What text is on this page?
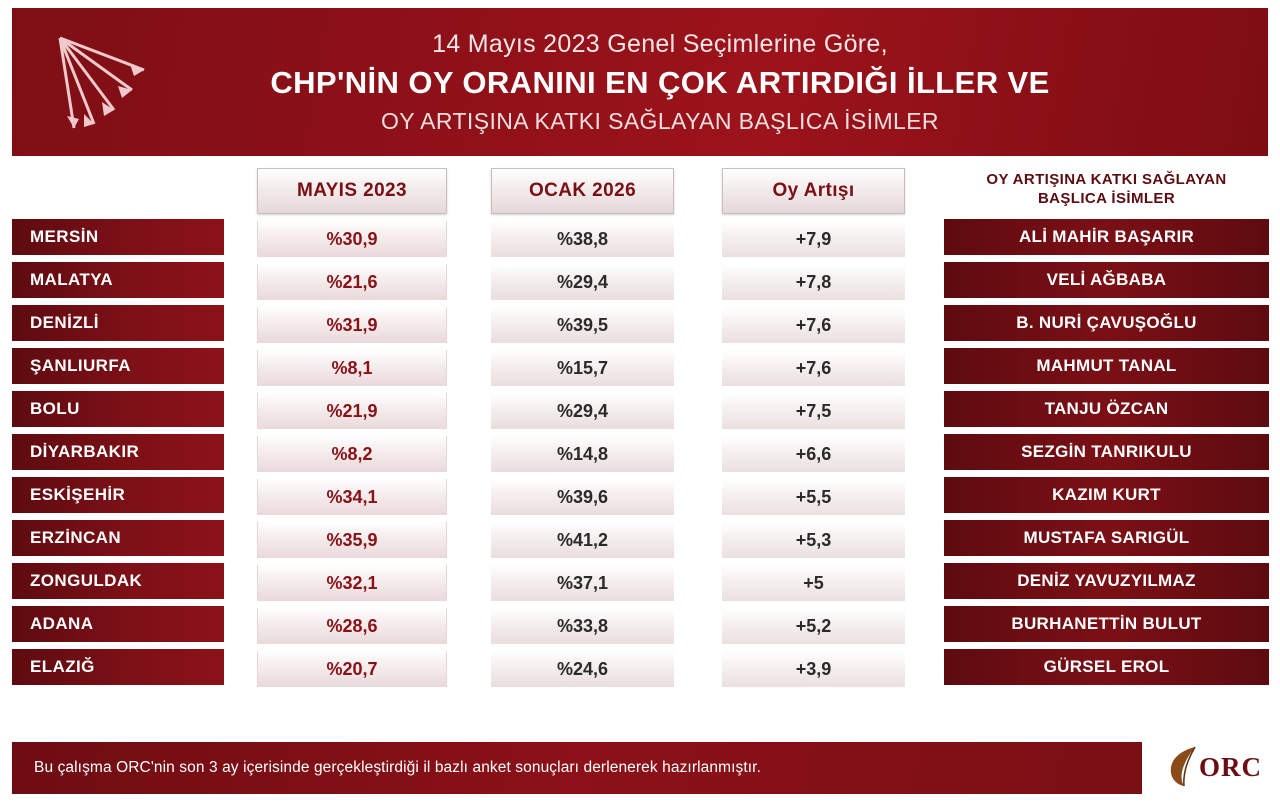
14 Mayıs 2023 Genel Seçimlerine Göre,
CHP'NİN OY ORANINI EN ÇOK ARTIRDIĞI İLLER VE
OY ARTIŞINA KATKI SAĞLAYAN BAŞLICA İSİMLER
MERSİN
MALATYA
DENİZLİ
ŞANLIURFA
BOLU
DİYARBAKIR
ESKİŞEHİR
ERZİNCAN
ZONGULDAK
ADANA
ELAZIĞ
MAYIS 2023
%30,9
%21,6
%31,9
%8,1
%21,9
%8,2
%34,1
%35,9
%32,1
%28,6
%20,7
OCAK 2026
%38,8
%29,4
%39,5
%15,7
%29,4
%14,8
%39,6
%41,2
%37,1
%33,8
%24,6
Oy Artışı
+7,9
+7,8
+7,6
+7,6
+7,5
+6,6
+5,5
+5,3
+5
+5,2
+3,9
OY ARTIŞINA KATKI SAĞLAYAN
BAŞLICA İSİMLER
ALİ MAHİR BAŞARIR
VELİ AĞBABA
B. NURİ ÇAVUŞOĞLU
MAHMUT TANAL
TANJU ÖZCAN
SEZGİN TANRIKULU
KAZIM KURT
MUSTAFA SARIGÜL
DENİZ YAVUZYILMAZ
BURHANETTİN BULUT
GÜRSEL EROL
Bu çalışma ORC'nin son 3 ay içerisinde gerçekleştirdiği il bazlı anket sonuçları derlenerek hazırlanmıştır.	ORC
